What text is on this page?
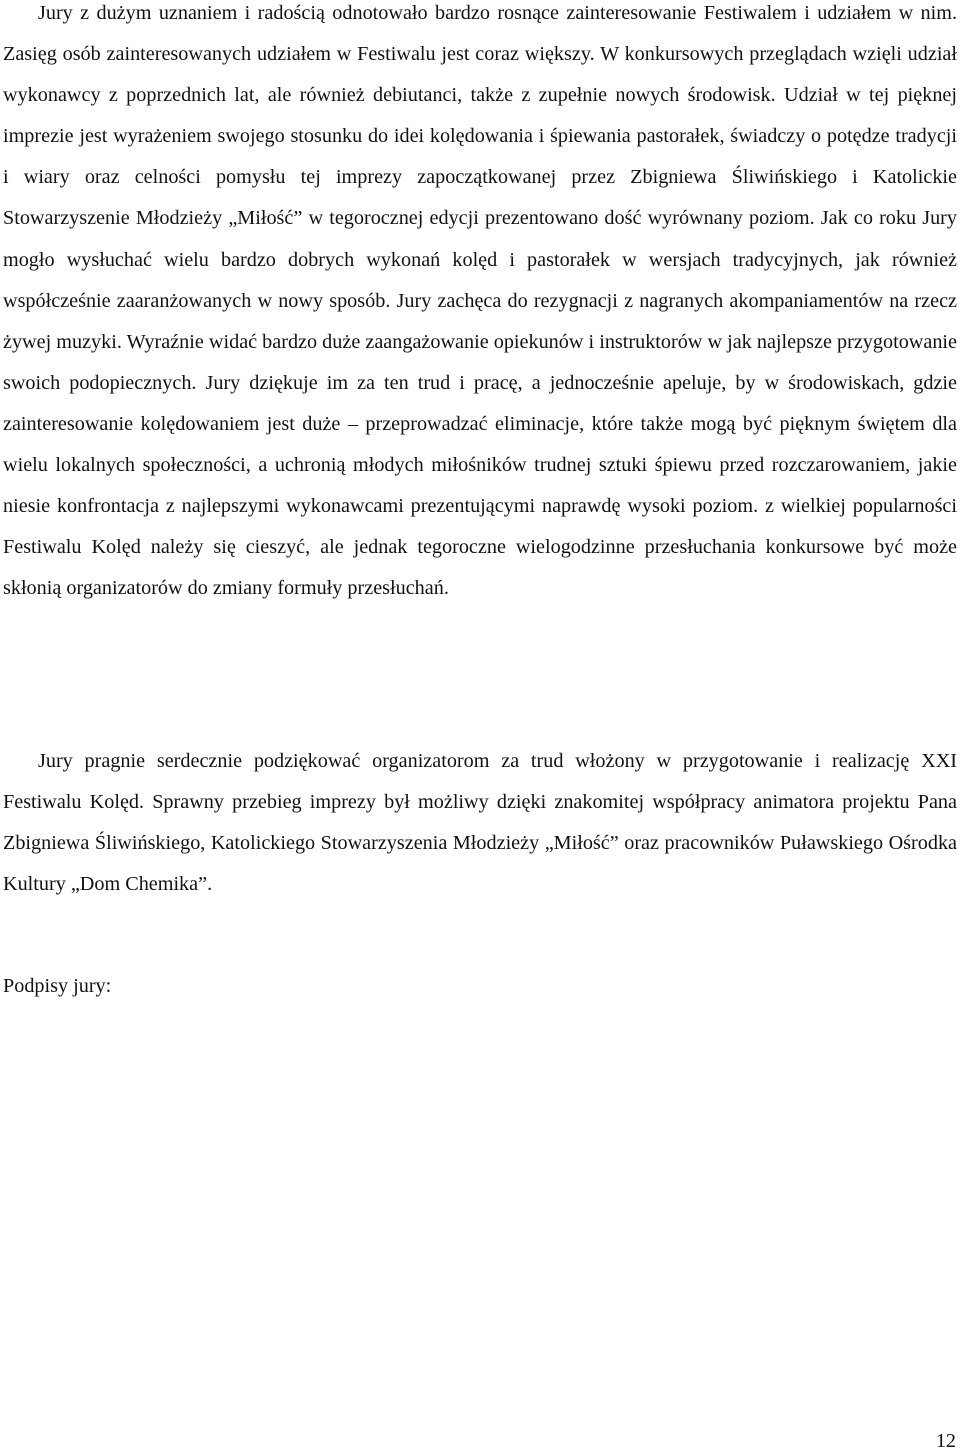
Jury z dużym uznaniem i radością odnotowało bardzo rosnące zainteresowanie Festiwalem i udziałem w nim. Zasięg osób zainteresowanych udziałem w Festiwalu jest coraz większy. W konkursowych przeglądach wzięli udział wykonawcy z poprzednich lat, ale również debiutanci, także z zupełnie nowych środowisk. Udział w tej pięknej imprezie jest wyrażeniem swojego stosunku do idei kolędowania i śpiewania pastorałek, świadczy o potędze tradycji i wiary oraz celności pomysłu tej imprezy zapoczątkowanej przez Zbigniewa Śliwińskiego i Katolickie Stowarzyszenie Młodzieży „Miłość” w tegorocznej edycji prezentowano dość wyrównany poziom. Jak co roku Jury mogło wysłuchać wielu bardzo dobrych wykonań kolęd i pastorałek w wersjach tradycyjnych, jak również współcześnie zaaranżowanych w nowy sposób. Jury zachęca do rezygnacji z nagranych akompaniamentów na rzecz żywej muzyki. Wyraźnie widać bardzo duże zaangażowanie opiekunów i instruktorów w jak najlepsze przygotowanie swoich podopiecznych. Jury dziękuje im za ten trud i pracę, a jednocześnie apeluje, by w środowiskach, gdzie zainteresowanie kolędowaniem jest duże – przeprowadzać eliminacje, które także mogą być pięknym świętem dla wielu lokalnych społeczności, a uchronią młodych miłośników trudnej sztuki śpiewu przed rozczarowaniem, jakie niesie konfrontacja z najlepszymi wykonawcami prezentującymi naprawdę wysoki poziom. z wielkiej popularności Festiwalu Kolęd należy się cieszyć, ale jednak tegoroczne wielogodzinne przesłuchania konkursowe być może skłonią organizatorów do zmiany formuły przesłuchań.

Jury pragnie serdecznie podziękować organizatorom za trud włożony w przygotowanie i realizację XXI Festiwalu Kolęd. Sprawny przebieg imprezy był możliwy dzięki znakomitej współpracy animatora projektu Pana Zbigniewa Śliwińskiego, Katolickiego Stowarzyszenia Młodzieży „Miłość” oraz pracowników Puławskiego Ośrodka Kultury „Dom Chemika”.

Podpisy jury:

12
